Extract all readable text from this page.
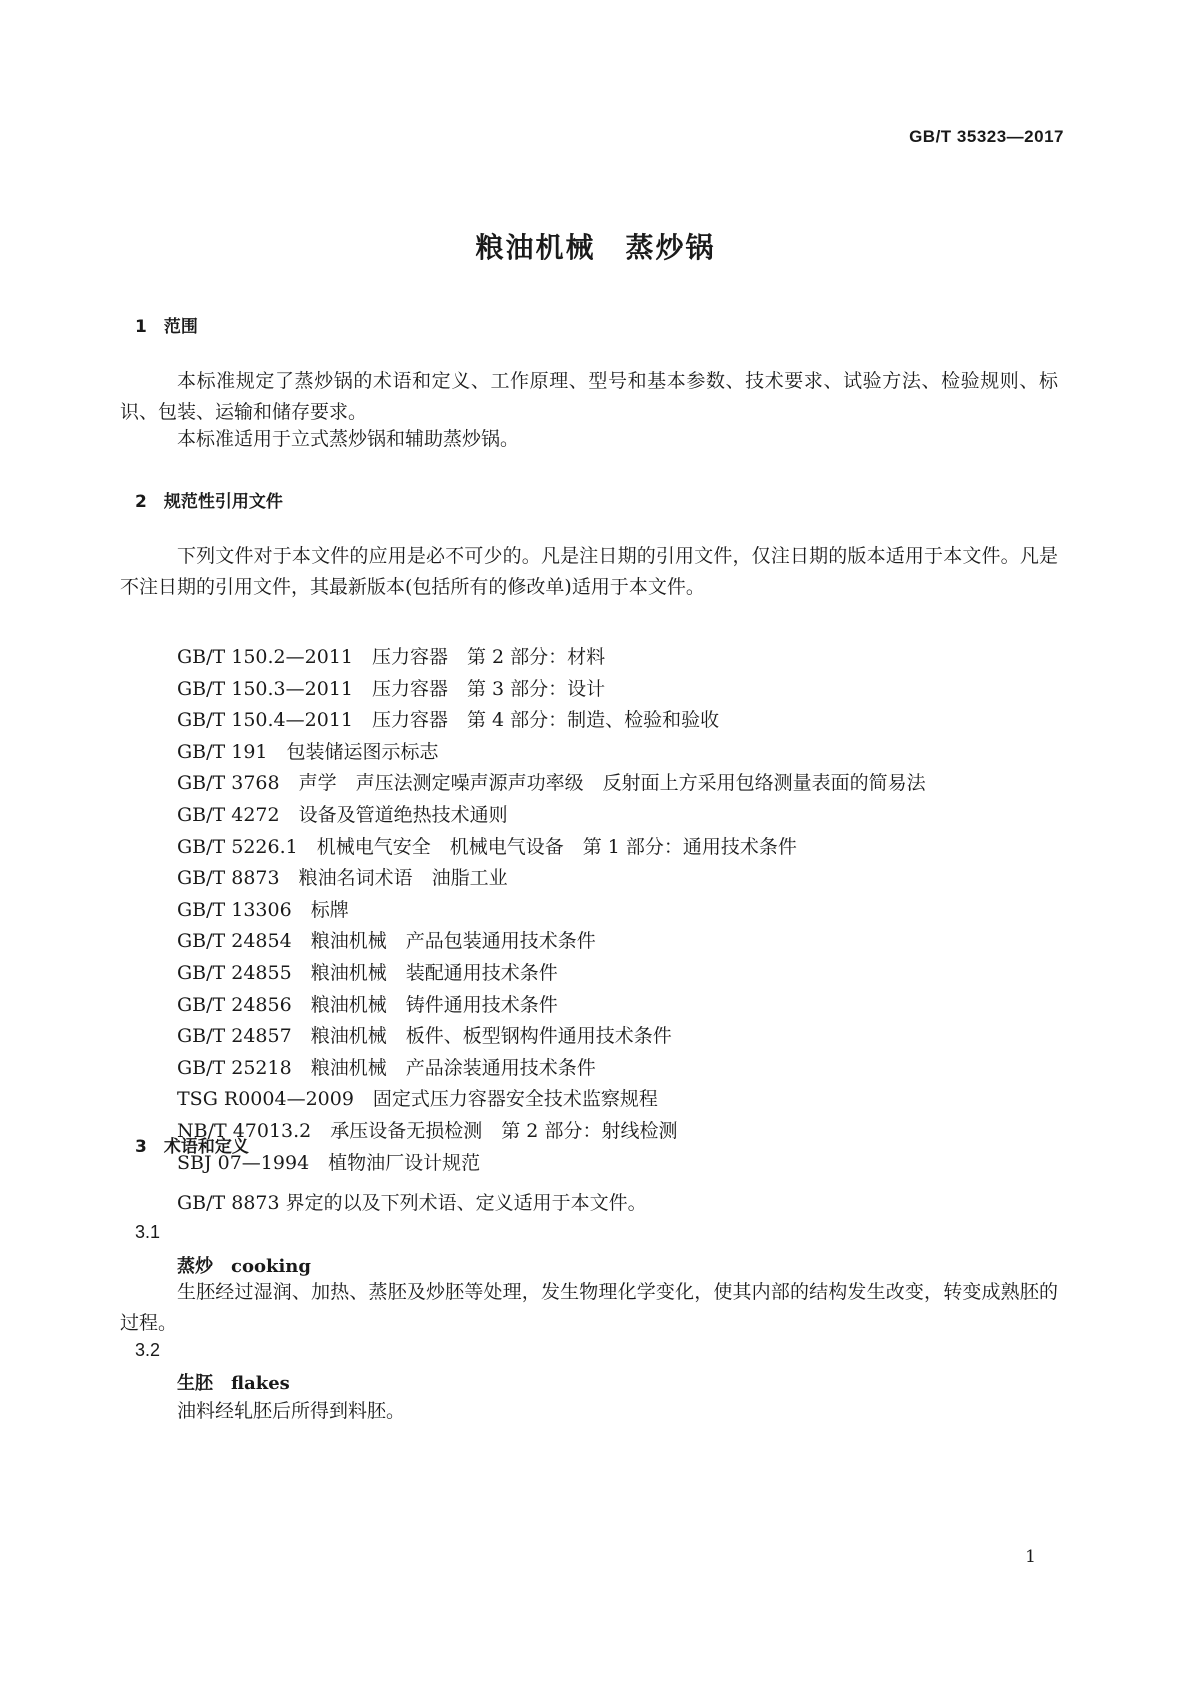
GB/T 35323—2017
粮油机械　蒸炒锅
1　范围
本标准规定了蒸炒锅的术语和定义、工作原理、型号和基本参数、技术要求、试验方法、检验规则、标识、包装、运输和储存要求。
本标准适用于立式蒸炒锅和辅助蒸炒锅。
2　规范性引用文件
下列文件对于本文件的应用是必不可少的。凡是注日期的引用文件，仅注日期的版本适用于本文件。凡是不注日期的引用文件，其最新版本(包括所有的修改单)适用于本文件。
GB/T 150.2—2011　压力容器　第 2 部分：材料
GB/T 150.3—2011　压力容器　第 3 部分：设计
GB/T 150.4—2011　压力容器　第 4 部分：制造、检验和验收
GB/T 191　包装储运图示标志
GB/T 3768　声学　声压法测定噪声源声功率级　反射面上方采用包络测量表面的简易法
GB/T 4272　设备及管道绝热技术通则
GB/T 5226.1　机械电气安全　机械电气设备　第 1 部分：通用技术条件
GB/T 8873　粮油名词术语　油脂工业
GB/T 13306　标牌
GB/T 24854　粮油机械　产品包装通用技术条件
GB/T 24855　粮油机械　装配通用技术条件
GB/T 24856　粮油机械　铸件通用技术条件
GB/T 24857　粮油机械　板件、板型钢构件通用技术条件
GB/T 25218　粮油机械　产品涂装通用技术条件
TSG R0004—2009　固定式压力容器安全技术监察规程
NB/T 47013.2　承压设备无损检测　第 2 部分：射线检测
SBJ 07—1994　植物油厂设计规范
3　术语和定义
GB/T 8873 界定的以及下列术语、定义适用于本文件。
3.1
蒸炒　 cooking
生胚经过湿润、加热、蒸胚及炒胚等处理，发生物理化学变化，使其内部的结构发生改变，转变成熟胚的过程。
3.2
生胚　 flakes
油料经轧胚后所得到料胚。
1
